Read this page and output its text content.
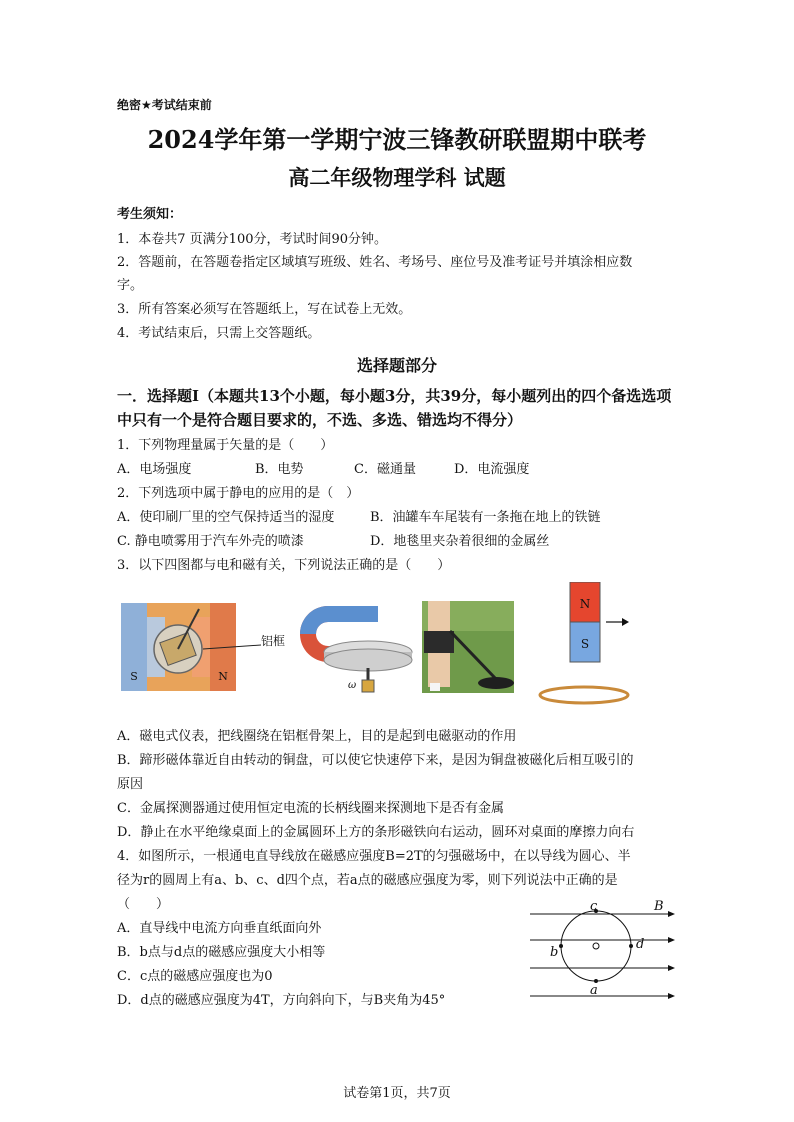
绝密★考试结束前
2024学年第一学期宁波三锋教研联盟期中联考
高二年级物理学科 试题
考生须知：
1．本卷共7 页满分100分，考试时间90分钟。
2．答题前，在答题卷指定区域填写班级、姓名、考场号、座位号及准考证号并填涂相应数
字。
3．所有答案必须写在答题纸上，写在试卷上无效。
4．考试结束后，只需上交答题纸。
选择题部分
一．选择题Ⅰ（本题共13个小题，每小题3分，共39分，每小题列出的四个备选选项中只有一个是符合题目要求的，不选、多选、错选均不得分）
1．下列物理量属于矢量的是（　　）
A．电场强度	B．电势	C．磁通量	D．电流强度
2．下列选项中属于静电的应用的是（　）
A．使印刷厂里的空气保持适当的湿度	B．油罐车车尾装有一条拖在地上的铁链
C. 静电喷雾用于汽车外壳的喷漆	D．地毯里夹杂着很细的金属丝
3．以下四图都与电和磁有关，下列说法正确的是（　　）
S	N
铝框
ω
N
S
A．磁电式仪表，把线圈绕在铝框骨架上，目的是起到电磁驱动的作用
B．蹄形磁体靠近自由转动的铜盘，可以使它快速停下来，是因为铜盘被磁化后相互吸引的
原因
C．金属探测器通过使用恒定电流的长柄线圈来探测地下是否有金属
D．静止在水平绝缘桌面上的金属圆环上方的条形磁铁向右运动，圆环对桌面的摩擦力向右
4．如图所示，一根通电直导线放在磁感应强度B=2T的匀强磁场中，在以导线为圆心、半
径为r的圆周上有a、b、c、d四个点，若a点的磁感应强度为零，则下列说法中正确的是
（　　）	c
b
d
a
B
A．直导线中电流方向垂直纸面向外
B．b点与d点的磁感应强度大小相等
C．c点的磁感应强度也为0
D．d点的磁感应强度为4T，方向斜向下，与B夹角为45°
试卷第1页，共7页
